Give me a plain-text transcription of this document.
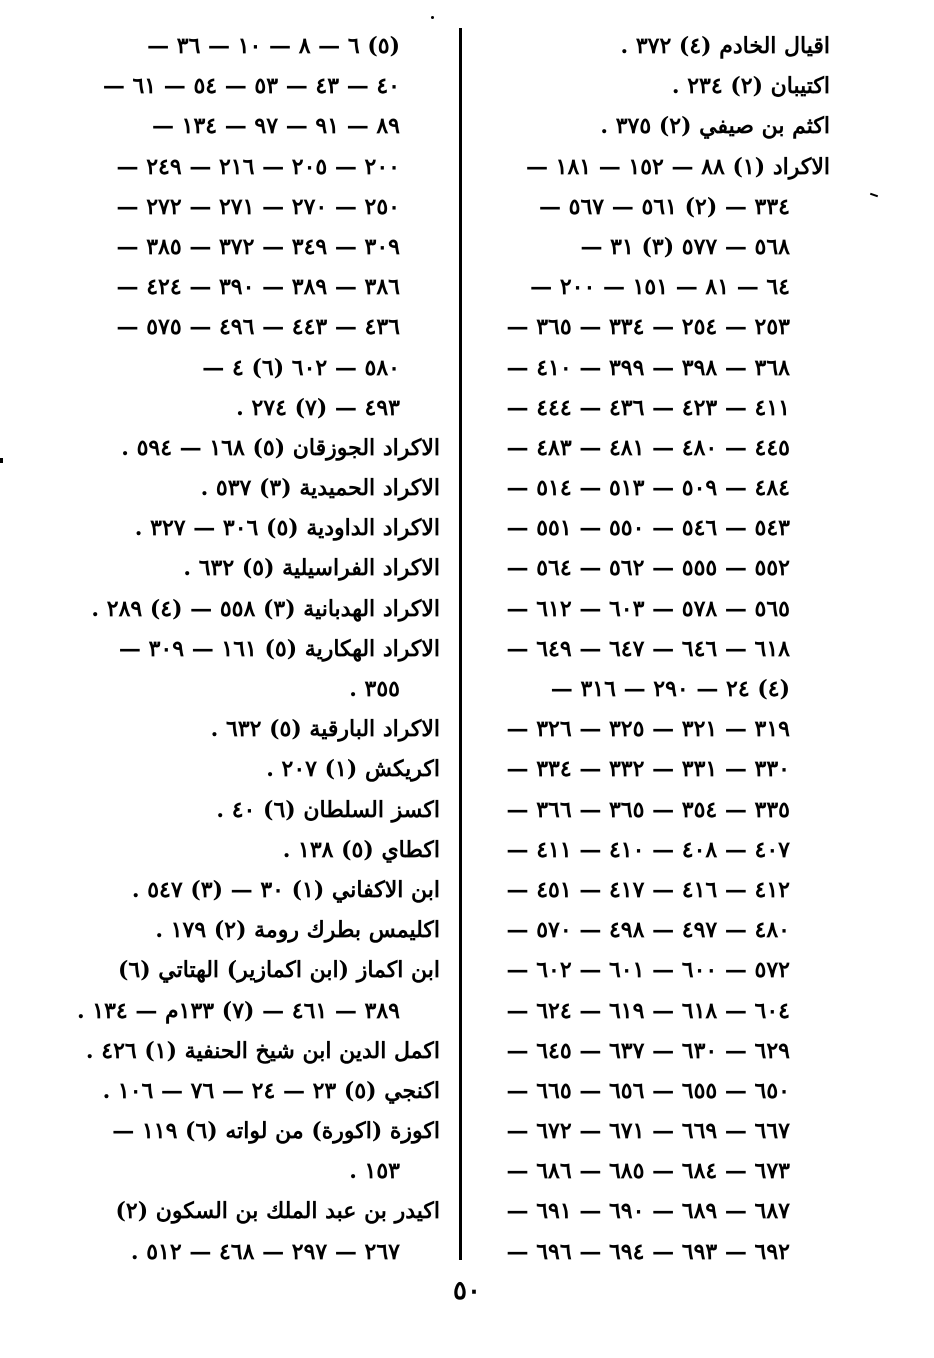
اقيال الخادم (٤) ٣٧٢ .
اكتيبان (٢) ٢٣٤ .
اكثم بن صيفي (٢) ٣٧٥ .
الاكراد (١) ٨٨ — ١٥٢ — ١٨١ —
٣٣٤ — (٢) ٥٦١ — ٥٦٧ —
٥٦٨ — ٥٧٧ (٣) ٣١ —
٦٤ — ٨١ — ١٥١ — ٢٠٠ —
٢٥٣ — ٢٥٤ — ٣٣٤ — ٣٦٥ —
٣٦٨ — ٣٩٨ — ٣٩٩ — ٤١٠ —
٤١١ — ٤٢٣ — ٤٣٦ — ٤٤٤ —
٤٤٥ — ٤٨٠ — ٤٨١ — ٤٨٣ —
٤٨٤ — ٥٠٩ — ٥١٣ — ٥١٤ —
٥٤٣ — ٥٤٦ — ٥٥٠ — ٥٥١ —
٥٥٢ — ٥٥٥ — ٥٦٢ — ٥٦٤ —
٥٦٥ — ٥٧٨ — ٦٠٣ — ٦١٢ —
٦١٨ — ٦٤٦ — ٦٤٧ — ٦٤٩ —
(٤) ٢٤ — ٢٩٠ — ٣١٦ —
٣١٩ — ٣٢١ — ٣٢٥ — ٣٢٦ —
٣٣٠ — ٣٣١ — ٣٣٢ — ٣٣٤ —
٣٣٥ — ٣٥٤ — ٣٦٥ — ٣٦٦ —
٤٠٧ — ٤٠٨ — ٤١٠ — ٤١١ —
٤١٢ — ٤١٦ — ٤١٧ — ٤٥١ —
٤٨٠ — ٤٩٧ — ٤٩٨ — ٥٧٠ —
٥٧٢ — ٦٠٠ — ٦٠١ — ٦٠٢ —
٦٠٤ — ٦١٨ — ٦١٩ — ٦٢٤ —
٦٢٩ — ٦٣٠ — ٦٣٧ — ٦٤٥ —
٦٥٠ — ٦٥٥ — ٦٥٦ — ٦٦٥ —
٦٦٧ — ٦٦٩ — ٦٧١ — ٦٧٢ —
٦٧٣ — ٦٨٤ — ٦٨٥ — ٦٨٦ —
٦٨٧ — ٦٨٩ — ٦٩٠ — ٦٩١ —
٦٩٢ — ٦٩٣ — ٦٩٤ — ٦٩٦ —
(٥) ٦ — ٨ — ١٠ — ٣٦ —
٤٠ — ٤٣ — ٥٣ — ٥٤ — ٦١ —
٨٩ — ٩١ — ٩٧ — ١٣٤ —
٢٠٠ — ٢٠٥ — ٢١٦ — ٢٤٩ —
٢٥٠ — ٢٧٠ — ٢٧١ — ٢٧٢ —
٣٠٩ — ٣٤٩ — ٣٧٢ — ٣٨٥ —
٣٨٦ — ٣٨٩ — ٣٩٠ — ٤٢٤ —
٤٣٦ — ٤٤٣ — ٤٩٦ — ٥٧٥ —
٥٨٠ — ٦٠٢ (٦) ٤ —
٤٩٣ — (٧) ٢٧٤ .
الاكراد الجوزقان (٥) ١٦٨ — ٥٩٤ .
الاكراد الحميدية (٣) ٥٣٧ .
الاكراد الداودية (٥) ٣٠٦ — ٣٢٧ .
الاكراد الفراسيلية (٥) ٦٣٢ .
الاكراد الهدبانية (٣) ٥٥٨ — (٤) ٢٨٩ .
الاكراد الهكارية (٥) ١٦١ — ٣٠٩ —
٣٥٥ .
الاكراد البارقية (٥) ٦٣٢ .
اكريكش (١) ٢٠٧ .
اكسز السلطان (٦) ٤٠ .
اكطاي (٥) ١٣٨ .
ابن الاكفاني (١) ٣٠ — (٣) ٥٤٧ .
اكليمس بطرك رومة (٢) ١٧٩ .
ابن اكماز (ابن اكمازير) الهتاتي (٦)
٣٨٩ — ٤٦١ — (٧) ١٣٣م — ١٣٤ .
اكمل الدين ابن شيخ الحنفية (١) ٤٢٦ .
اكنجي (٥) ٢٣ — ٢٤ — ٧٦ — ١٠٦ .
اكوزة (اكورة) من لواته (٦) ١١٩ —
١٥٣ .
اكيدر بن عبد الملك بن السكون (٢)
٢٦٧ — ٢٩٧ — ٤٦٨ — ٥١٢ .
٥٠
